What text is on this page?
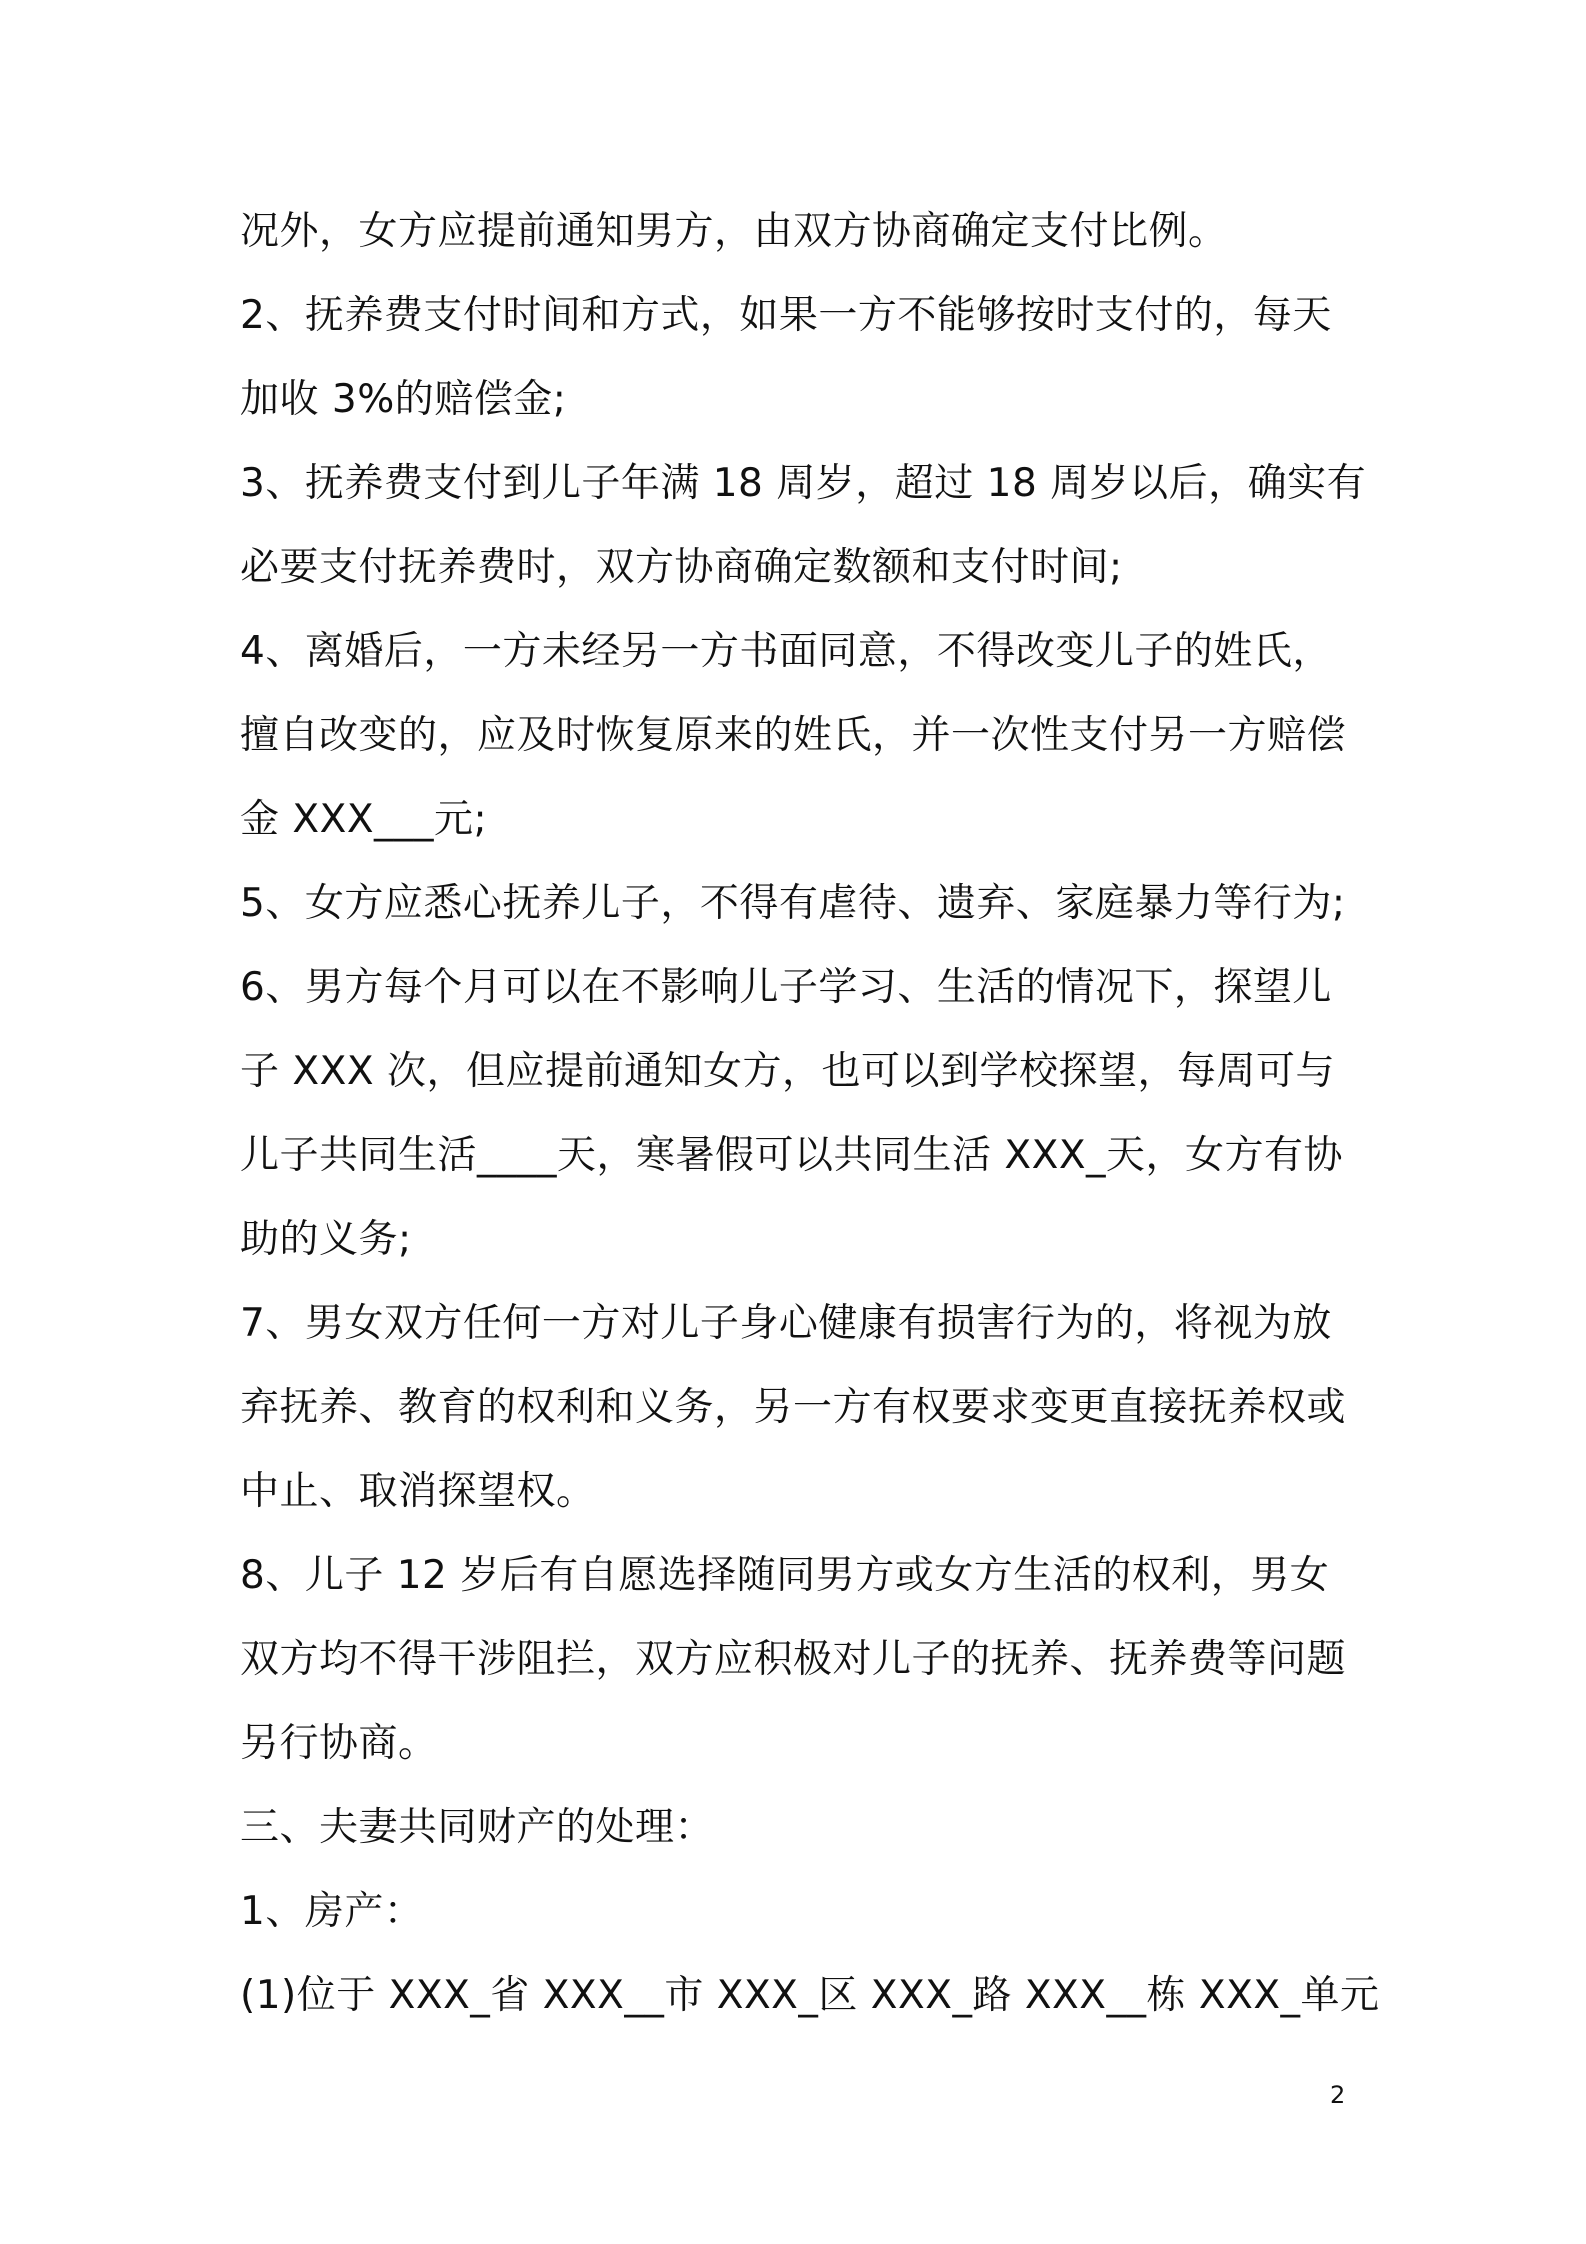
况外，女方应提前通知男方，由双方协商确定支付比例。
2、抚养费支付时间和方式，如果一方不能够按时支付的，每天
加收 3%的赔偿金;
3、抚养费支付到儿子年满 18 周岁，超过 18 周岁以后，确实有
必要支付抚养费时，双方协商确定数额和支付时间;
4、离婚后，一方未经另一方书面同意，不得改变儿子的姓氏，
擅自改变的，应及时恢复原来的姓氏，并一次性支付另一方赔偿
金 XXX___元;
5、女方应悉心抚养儿子，不得有虐待、遗弃、家庭暴力等行为;
6、男方每个月可以在不影响儿子学习、生活的情况下，探望儿
子 XXX 次，但应提前通知女方，也可以到学校探望，每周可与
儿子共同生活____天，寒暑假可以共同生活 XXX_天，女方有协
助的义务;
7、男女双方任何一方对儿子身心健康有损害行为的，将视为放
弃抚养、教育的权利和义务，另一方有权要求变更直接抚养权或
中止、取消探望权。
8、儿子 12 岁后有自愿选择随同男方或女方生活的权利，男女
双方均不得干涉阻拦，双方应积极对儿子的抚养、抚养费等问题
另行协商。
三、夫妻共同财产的处理：
1、房产：
(1)位于 XXX_省 XXX__市 XXX_区 XXX_路 XXX__栋 XXX_单元
2
